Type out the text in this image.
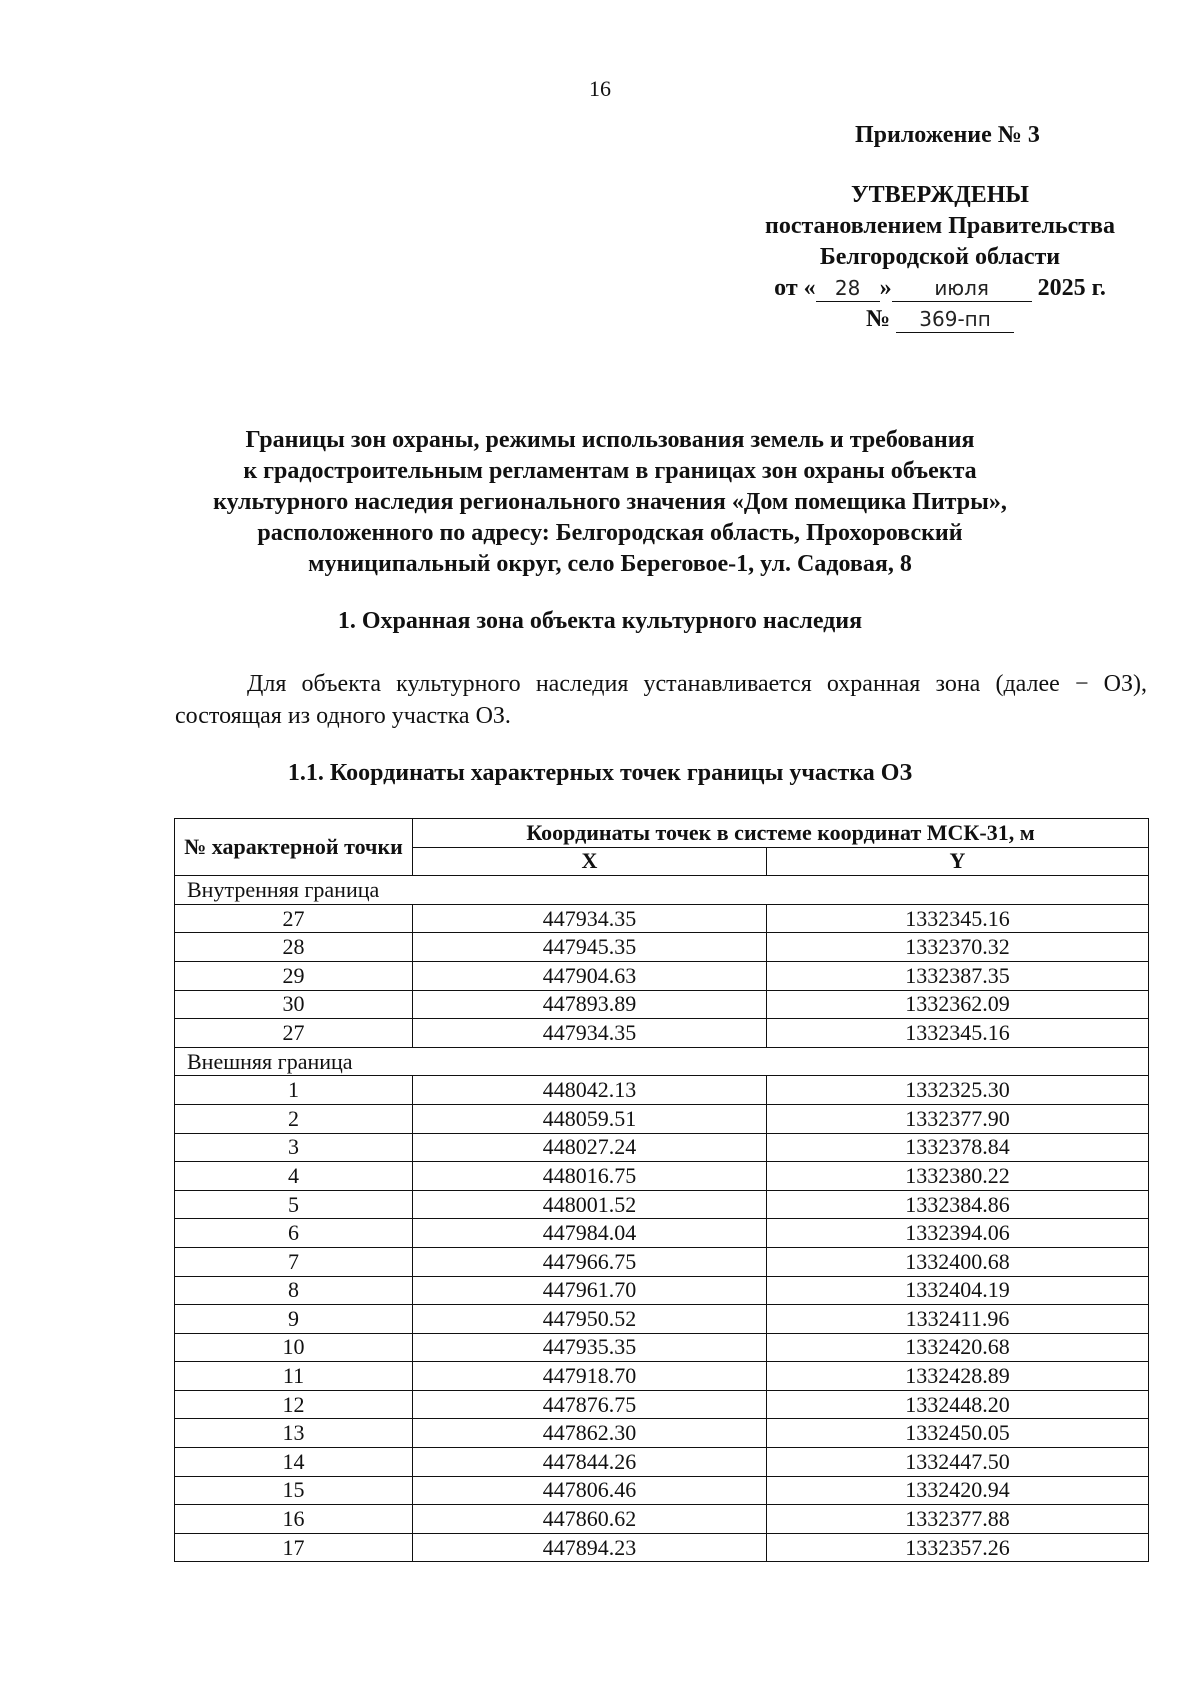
16
Приложение № 3
УТВЕРЖДЕНЫ
постановлением Правительства
Белгородской области
от « 28 » июля 2025 г.
№ 369-пп
Границы зон охраны, режимы использования земель и требования
к градостроительным регламентам в границах зон охраны объекта
культурного наследия регионального значения «Дом помещика Питры»,
расположенного по адресу: Белгородская область, Прохоровский
муниципальный округ, село Береговое-1, ул. Садовая, 8
1. Охранная зона объекта культурного наследия
Для объекта культурного наследия устанавливается охранная зона (далее − ОЗ), состоящая из одного участка ОЗ.
1.1. Координаты характерных точек границы участка ОЗ
№ характерной точки	Координаты точек в системе координат МСК-31, м	
	X	Y
Внутренняя граница		
27	447934.35	1332345.16
28	447945.35	1332370.32
29	447904.63	1332387.35
30	447893.89	1332362.09
27	447934.35	1332345.16
Внешняя граница		
1	448042.13	1332325.30
2	448059.51	1332377.90
3	448027.24	1332378.84
4	448016.75	1332380.22
5	448001.52	1332384.86
6	447984.04	1332394.06
7	447966.75	1332400.68
8	447961.70	1332404.19
9	447950.52	1332411.96
10	447935.35	1332420.68
11	447918.70	1332428.89
12	447876.75	1332448.20
13	447862.30	1332450.05
14	447844.26	1332447.50
15	447806.46	1332420.94
16	447860.62	1332377.88
17	447894.23	1332357.26
